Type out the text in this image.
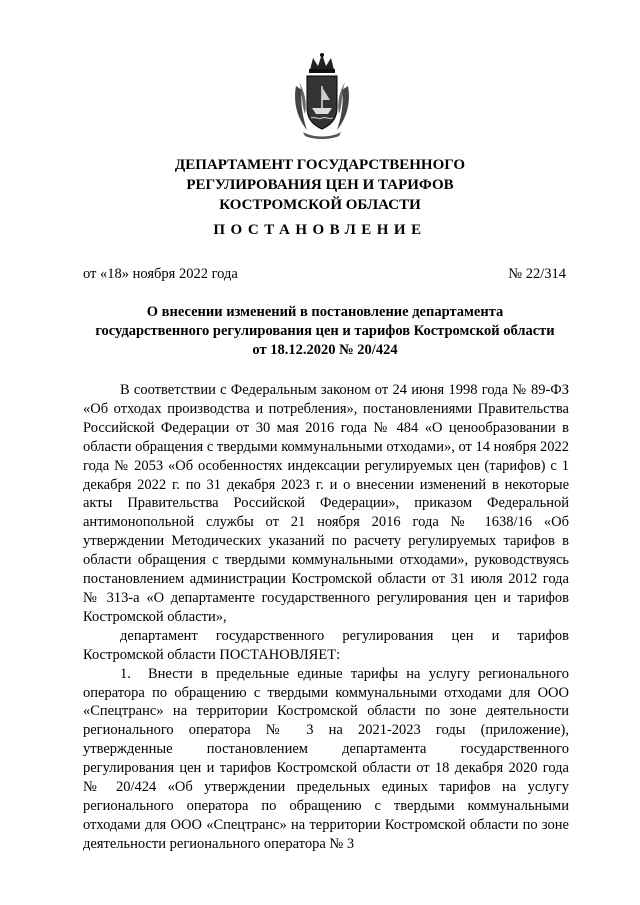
ДЕПАРТАМЕНТ ГОСУДАРСТВЕННОГО
РЕГУЛИРОВАНИЯ ЦЕН И ТАРИФОВ
КОСТРОМСКОЙ ОБЛАСТИ
ПОСТАНОВЛЕНИЕ
от «18» ноября 2022 года	№ 22/314
О внесении изменений в постановление департамента
государственного регулирования цен и тарифов Костромской области
от 18.12.2020 № 20/424

В соответствии с Федеральным законом от 24 июня 1998 года № 89-ФЗ «Об отходах производства и потребления», постановлениями Правительства Российской Федерации от 30 мая 2016 года № 484 «О ценообразовании в области обращения с твердыми коммунальными отходами», от 14 ноября 2022 года № 2053 «Об особенностях индексации регулируемых цен (тарифов) с 1 декабря 2022 г. по 31 декабря 2023 г. и о внесении изменений в некоторые акты Правительства Российской Федерации», приказом Федеральной антимонопольной службы от 21 ноября 2016 года № 1638/16 «Об утверждении Методических указаний по расчету регулируемых тарифов в области обращения с твердыми коммунальными отходами», руководствуясь постановлением администрации Костромской области от 31 июля 2012 года № 313-а «О департаменте государственного регулирования цен и тарифов Костромской области»,

департамент государственного регулирования цен и тарифов Костромской области ПОСТАНОВЛЯЕТ:

1. Внести в предельные единые тарифы на услугу регионального оператора по обращению с твердыми коммунальными отходами для ООО «Спецтранс» на территории Костромской области по зоне деятельности регионального оператора № 3 на 2021-2023 годы (приложение), утвержденные постановлением департамента государственного регулирования цен и тарифов Костромской области от 18 декабря 2020 года № 20/424 «Об утверждении предельных единых тарифов на услугу регионального оператора по обращению с твердыми коммунальными отходами для ООО «Спецтранс» на территории Костромской области по зоне деятельности регионального оператора № 3
